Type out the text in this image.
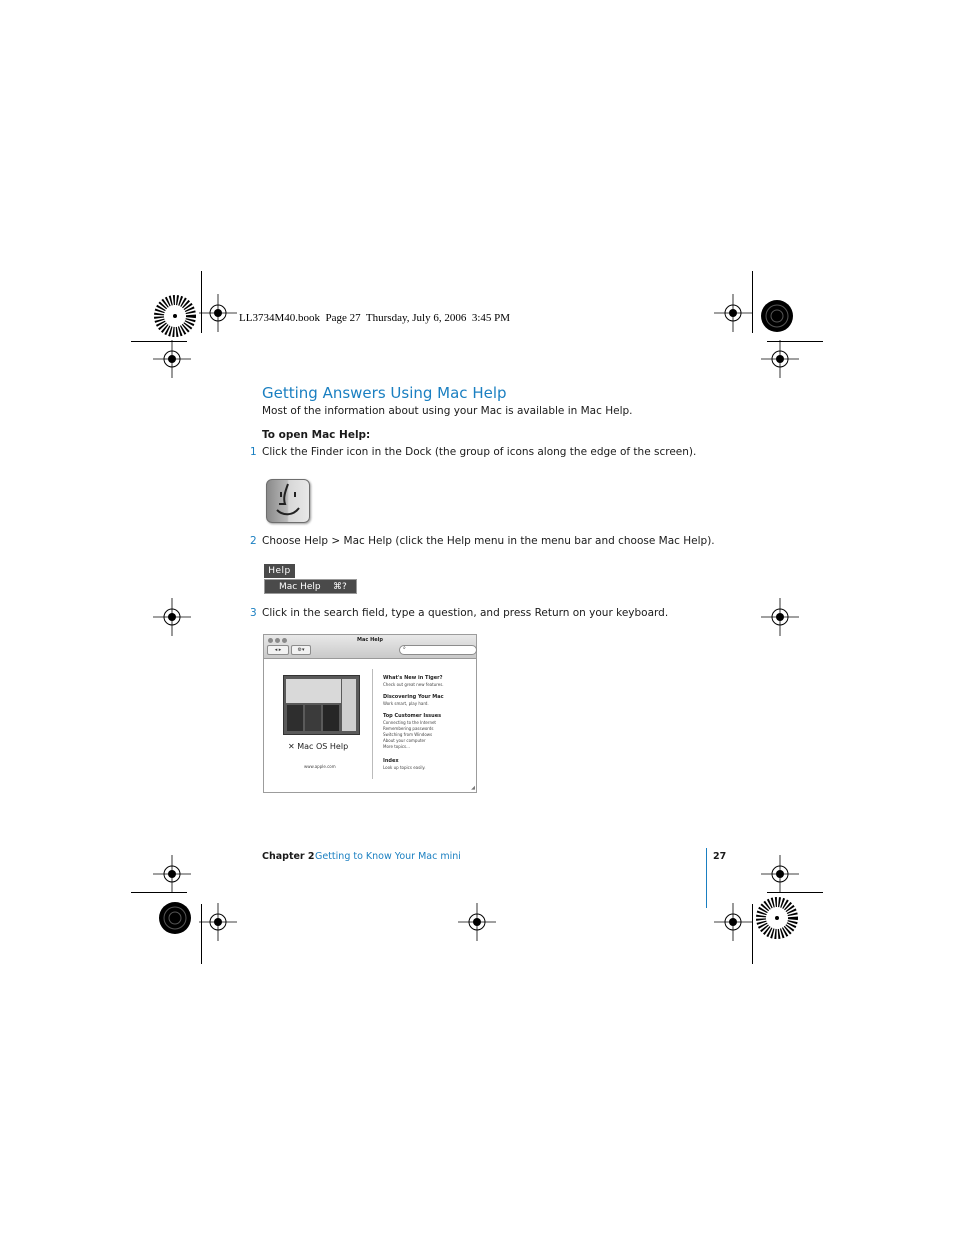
LL3734M40.book  Page 27  Thursday, July 6, 2006  3:45 PM
Getting Answers Using Mac Help
Most of the information about using your Mac is available in Mac Help.
To open Mac Help:
1 Click the Finder icon in the Dock (the group of icons along the edge of the screen).
2 Choose Help > Mac Help (click the Help menu in the menu bar and choose Mac Help).
Help
Mac Help ⌘?
3 Click in the search field, type a question, and press Return on your keyboard.
Mac Help
◂ ▸	⚙▾	⌕
✕ Mac OS Help
www.apple.com
What's New in Tiger?
Check out great new features.
Discovering Your Mac
Work smart, play hard.
Top Customer Issues
Connecting to the Internet
Remembering passwords
Switching from Windows
About your computer
More topics...
Index
Look up topics easily.
◢
Chapter 2 Getting to Know Your Mac mini	27
